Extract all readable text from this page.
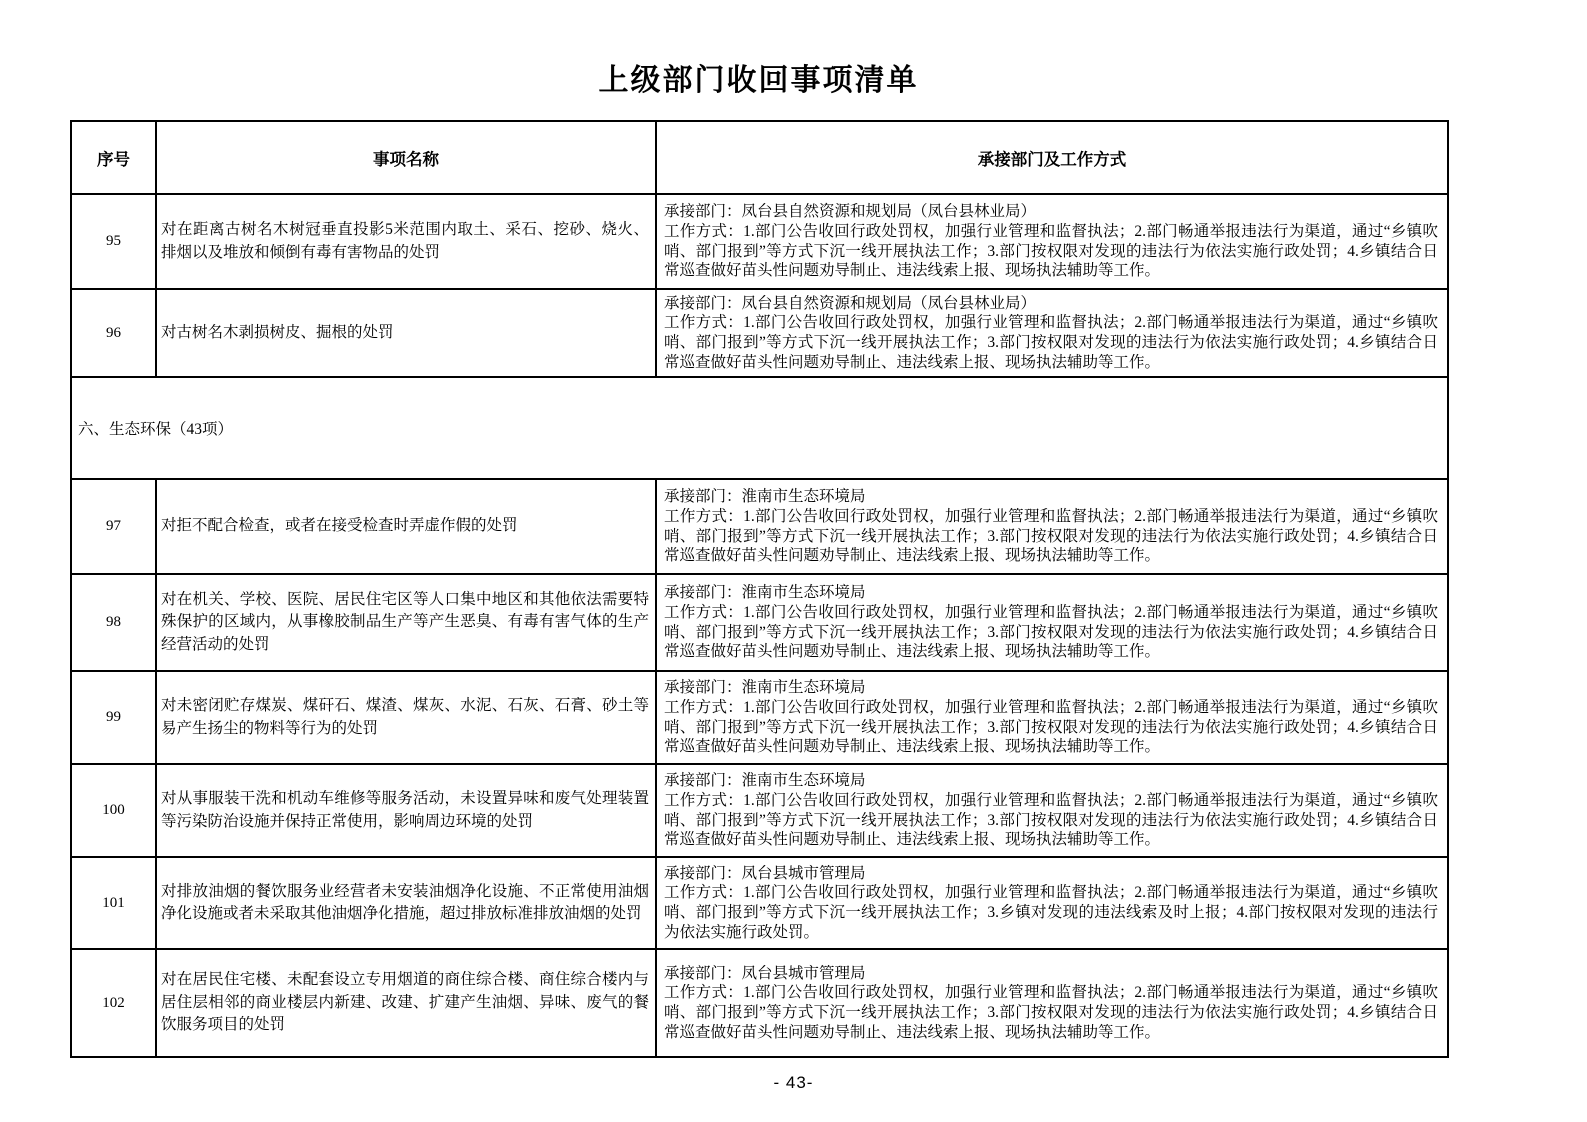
上级部门收回事项清单
序号	事项名称	承接部门及工作方式
95	对在距离古树名木树冠垂直投影5米范围内取土、采石、挖砂、烧火、排烟以及堆放和倾倒有毒有害物品的处罚	承接部门：凤台县自然资源和规划局（凤台县林业局）
工作方式：1.部门公告收回行政处罚权，加强行业管理和监督执法；2.部门畅通举报违法行为渠道，通过“乡镇吹哨、部门报到”等方式下沉一线开展执法工作；3.部门按权限对发现的违法行为依法实施行政处罚；4.乡镇结合日常巡查做好苗头性问题劝导制止、违法线索上报、现场执法辅助等工作。

96	对古树名木剥损树皮、掘根的处罚	承接部门：凤台县自然资源和规划局（凤台县林业局）
工作方式：1.部门公告收回行政处罚权，加强行业管理和监督执法；2.部门畅通举报违法行为渠道，通过“乡镇吹哨、部门报到”等方式下沉一线开展执法工作；3.部门按权限对发现的违法行为依法实施行政处罚；4.乡镇结合日常巡查做好苗头性问题劝导制止、违法线索上报、现场执法辅助等工作。

六、生态环保（43项）		
97	对拒不配合检查，或者在接受检查时弄虚作假的处罚	承接部门：淮南市生态环境局
工作方式：1.部门公告收回行政处罚权，加强行业管理和监督执法；2.部门畅通举报违法行为渠道，通过“乡镇吹哨、部门报到”等方式下沉一线开展执法工作；3.部门按权限对发现的违法行为依法实施行政处罚；4.乡镇结合日常巡查做好苗头性问题劝导制止、违法线索上报、现场执法辅助等工作。

98	对在机关、学校、医院、居民住宅区等人口集中地区和其他依法需要特殊保护的区域内，从事橡胶制品生产等产生恶臭、有毒有害气体的生产经营活动的处罚	承接部门：淮南市生态环境局
工作方式：1.部门公告收回行政处罚权，加强行业管理和监督执法；2.部门畅通举报违法行为渠道，通过“乡镇吹哨、部门报到”等方式下沉一线开展执法工作；3.部门按权限对发现的违法行为依法实施行政处罚；4.乡镇结合日常巡查做好苗头性问题劝导制止、违法线索上报、现场执法辅助等工作。

99	对未密闭贮存煤炭、煤矸石、煤渣、煤灰、水泥、石灰、石膏、砂土等易产生扬尘的物料等行为的处罚	承接部门：淮南市生态环境局
工作方式：1.部门公告收回行政处罚权，加强行业管理和监督执法；2.部门畅通举报违法行为渠道，通过“乡镇吹哨、部门报到”等方式下沉一线开展执法工作；3.部门按权限对发现的违法行为依法实施行政处罚；4.乡镇结合日常巡查做好苗头性问题劝导制止、违法线索上报、现场执法辅助等工作。

100	对从事服装干洗和机动车维修等服务活动，未设置异味和废气处理装置等污染防治设施并保持正常使用，影响周边环境的处罚	承接部门：淮南市生态环境局
工作方式：1.部门公告收回行政处罚权，加强行业管理和监督执法；2.部门畅通举报违法行为渠道，通过“乡镇吹哨、部门报到”等方式下沉一线开展执法工作；3.部门按权限对发现的违法行为依法实施行政处罚；4.乡镇结合日常巡查做好苗头性问题劝导制止、违法线索上报、现场执法辅助等工作。

101	对排放油烟的餐饮服务业经营者未安装油烟净化设施、不正常使用油烟净化设施或者未采取其他油烟净化措施，超过排放标准排放油烟的处罚	承接部门：凤台县城市管理局
工作方式：1.部门公告收回行政处罚权，加强行业管理和监督执法；2.部门畅通举报违法行为渠道，通过“乡镇吹哨、部门报到”等方式下沉一线开展执法工作；3.乡镇对发现的违法线索及时上报；4.部门按权限对发现的违法行为依法实施行政处罚。

102	对在居民住宅楼、未配套设立专用烟道的商住综合楼、商住综合楼内与居住层相邻的商业楼层内新建、改建、扩建产生油烟、异味、废气的餐饮服务项目的处罚	承接部门：凤台县城市管理局
工作方式：1.部门公告收回行政处罚权，加强行业管理和监督执法；2.部门畅通举报违法行为渠道，通过“乡镇吹哨、部门报到”等方式下沉一线开展执法工作；3.部门按权限对发现的违法行为依法实施行政处罚；4.乡镇结合日常巡查做好苗头性问题劝导制止、违法线索上报、现场执法辅助等工作。
- 43-
